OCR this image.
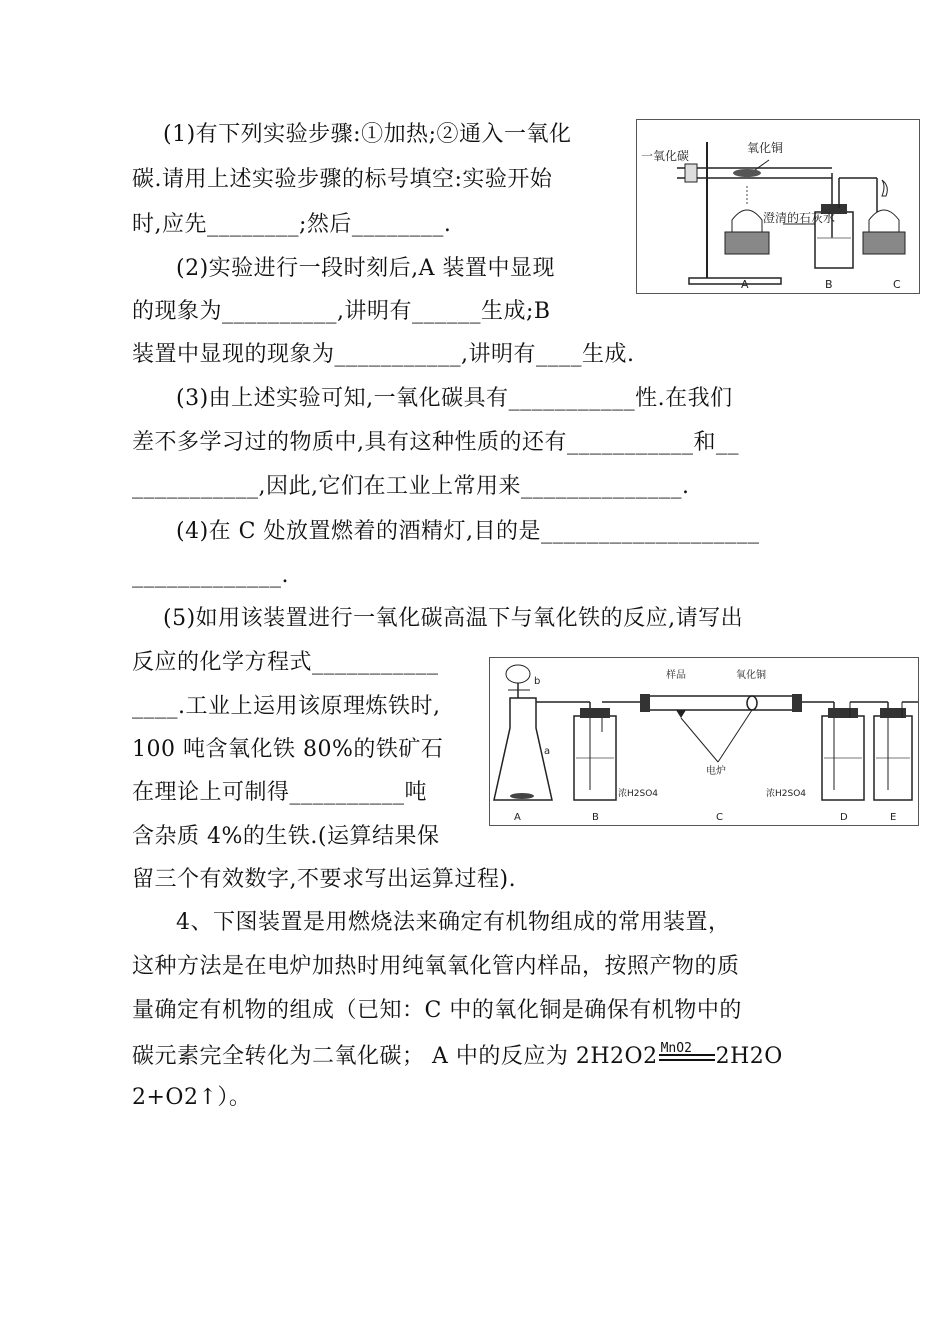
(1)有下列实验步骤:①加热;②通入一氧化
碳.请用上述实验步骤的标号填空:实验开始
时,应先________;然后________.
(2)实验进行一段时刻后,A 装置中显现
的现象为__________,讲明有______生成;B
装置中显现的现象为___________,讲明有____生成.
(3)由上述实验可知,一氧化碳具有___________性.在我们
差不多学习过的物质中,具有这种性质的还有___________和__
___________,因此,它们在工业上常用来______________.
(4)在 C 处放置燃着的酒精灯,目的是___________________
_____________.
(5)如用该装置进行一氧化碳高温下与氧化铁的反应,请写出
反应的化学方程式___________
____.工业上运用该原理炼铁时,
100 吨含氧化铁 80%的铁矿石
在理论上可制得__________吨
含杂质 4%的生铁.(运算结果保
留三个有效数字,不要求写出运算过程).
4、下图装置是用燃烧法来确定有机物组成的常用装置，
这种方法是在电炉加热时用纯氧氧化管内样品，按照产物的质
量确定有机物的组成（已知：C 中的氧化铜是确保有机物中的
碳元素完全转化为二氧化碳； A 中的反应为 2H2O2 MnO2 2H2O
2+O2↑）。
一氧化碳
氧化铜
澄清的石灰水
A	B	C
b
a
样品	氧化铜
电炉
浓H2SO4	浓H2SO4
A	B	C	D	E
